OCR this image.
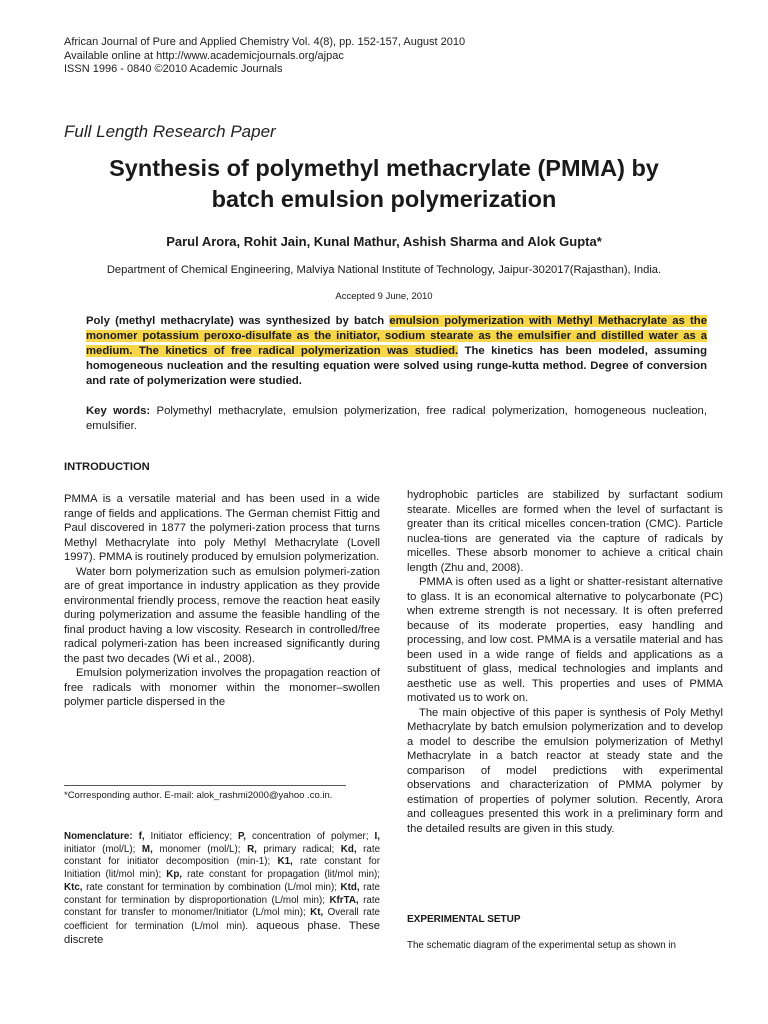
African Journal of Pure and Applied Chemistry Vol. 4(8), pp. 152-157, August 2010
Available online at http://www.academicjournals.org/ajpac
ISSN 1996 - 0840 ©2010 Academic Journals
Full Length Research Paper
Synthesis of polymethyl methacrylate (PMMA) by
batch emulsion polymerization
Parul Arora, Rohit Jain, Kunal Mathur, Ashish Sharma and Alok Gupta*
Department of Chemical Engineering, Malviya National Institute of Technology, Jaipur-302017(Rajasthan), India.
Accepted 9 June, 2010
Poly (methyl methacrylate) was synthesized by batch emulsion polymerization with Methyl Methacrylate as the monomer potassium peroxo-disulfate as the initiator, sodium stearate as the emulsifier and distilled water as a medium. The kinetics of free radical polymerization was studied. The kinetics has been modeled, assuming homogeneous nucleation and the resulting equation were solved using runge-kutta method. Degree of conversion and rate of polymerization were studied.
Key words: Polymethyl methacrylate, emulsion polymerization, free radical polymerization, homogeneous nucleation, emulsifier.
INTRODUCTION

PMMA is a versatile material and has been used in a wide range of fields and applications. The German chemist Fittig and Paul discovered in 1877 the polymeri-zation process that turns Methyl Methacrylate into poly Methyl Methacrylate (Lovell 1997). PMMA is routinely produced by emulsion polymerization.

Water born polymerization such as emulsion polymeri-zation are of great importance in industry application as they provide environmental friendly process, remove the reaction heat easily during polymerization and assume the feasible handling of the final product having a low viscosity. Research in controlled/free radical polymeri-zation has been increased significantly during the past two decades (Wi et al., 2008).

Emulsion polymerization involves the propagation reaction of free radicals with monomer within the monomer–swollen polymer particle dispersed in the

*Corresponding author. E-mail: alok_rashmi2000@yahoo .co.in.
Nomenclature: f, Initiator efficiency; P, concentration of polymer; I, initiator (mol/L); M, monomer (mol/L); R, primary radical; Kd, rate constant for initiator decomposition (min-1); K1, rate constant for Initiation (lit/mol min); Kp, rate constant for propagation (lit/mol min); Ktc, rate constant for termination by combination (L/mol min); Ktd, rate constant for termination by disproportionation (L/mol min); KfrTA, rate constant for transfer to monomer/Initiator (L/mol min); Kt, Overall rate coefficient for termination (L/mol min). aqueous phase. These discrete

hydrophobic particles are stabilized by surfactant sodium stearate. Micelles are formed when the level of surfactant is greater than its critical micelles concen-tration (CMC). Particle nuclea-tions are generated via the capture of radicals by micelles. These absorb monomer to achieve a critical chain length (Zhu and, 2008).

PMMA is often used as a light or shatter-resistant alternative to glass. It is an economical alternative to polycarbonate (PC) when extreme strength is not necessary. It is often preferred because of its moderate properties, easy handling and processing, and low cost. PMMA is a versatile material and has been used in a wide range of fields and applications as a substituent of glass, medical technologies and implants and aesthetic use as well. This properties and uses of PMMA motivated us to work on.

The main objective of this paper is synthesis of Poly Methyl Methacrylate by batch emulsion polymerization and to develop a model to describe the emulsion polymerization of Methyl Methacrylate in a batch reactor at steady state and the comparison of model predictions with experimental observations and characterization of PMMA polymer by estimation of properties of polymer solution. Recently, Arora and colleagues presented this work in a preliminary form and the detailed results are given in this study.

EXPERIMENTAL SETUP
The schematic diagram of the experimental setup as shown in
